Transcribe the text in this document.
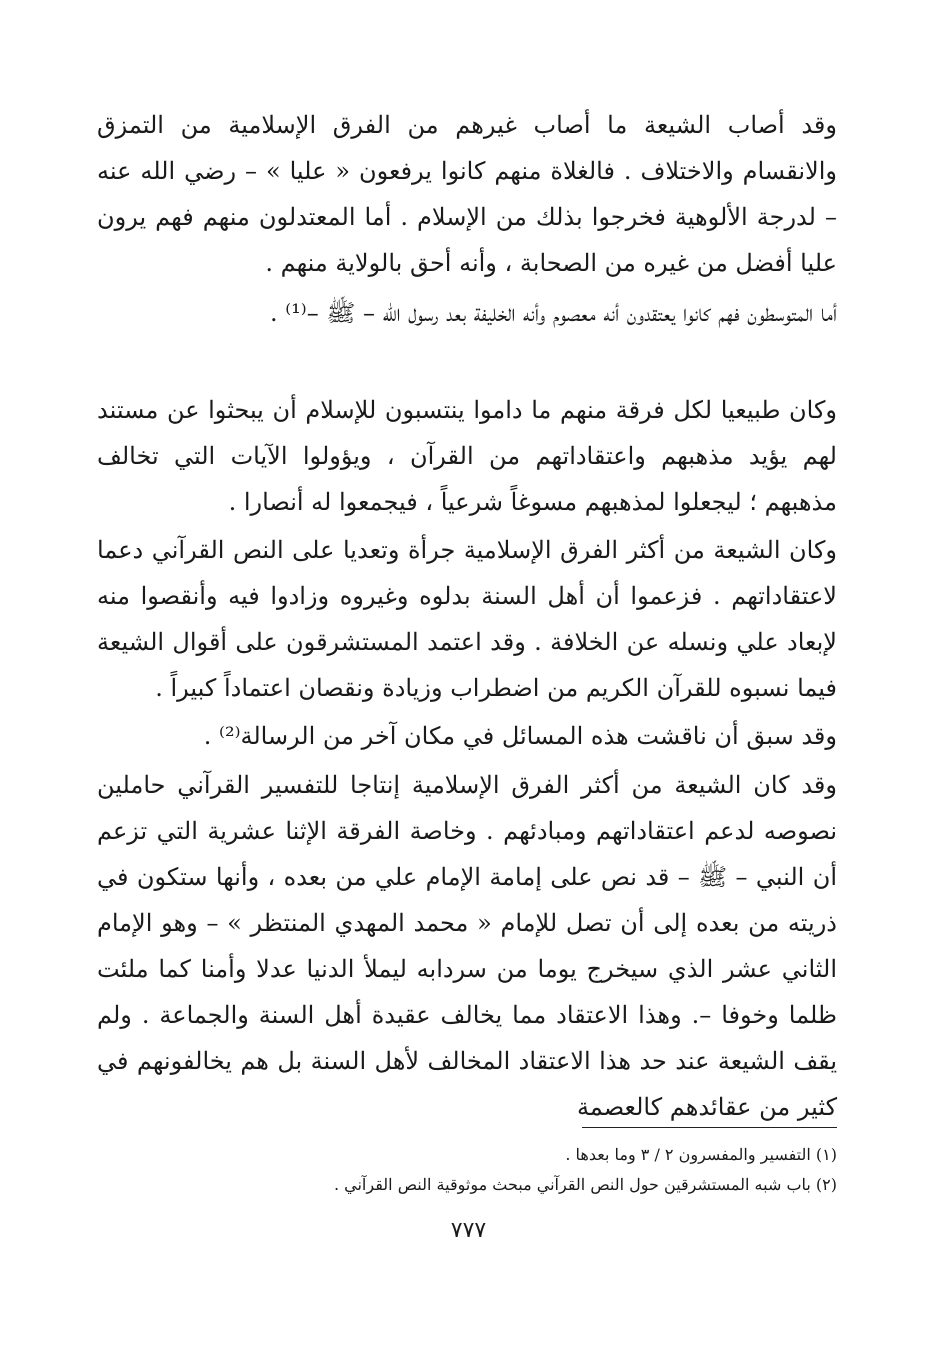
وقد أصاب الشيعة ما أصاب غيرهم من الفرق الإسلامية من التمزق والانقسام والاختلاف . فالغلاة منهم كانوا يرفعون « عليا » – رضي الله عنه – لدرجة الألوهية فخرجوا بذلك من الإسلام . أما المعتدلون منهم فهم يرون عليا أفضل من غيره من الصحابة ، وأنه أحق بالولاية منهم .

أما المتوسطون فهم كانوا يعتقدون أنه معصوم وأنه الخليفة بعد رسول الله – ﷺ –⁽¹⁾ .

وكان طبيعيا لكل فرقة منهم ما داموا ينتسبون للإسلام أن يبحثوا عن مستند لهم يؤيد مذهبهم واعتقاداتهم من القرآن ، ويؤولوا الآيات التي تخالف مذهبهم ؛ ليجعلوا لمذهبهم مسوغاً شرعياً ، فيجمعوا له أنصارا .

وكان الشيعة من أكثر الفرق الإسلامية جرأة وتعديا على النص القرآني دعما لاعتقاداتهم . فزعموا أن أهل السنة بدلوه وغيروه وزادوا فيه وأنقصوا منه لإبعاد علي ونسله عن الخلافة . وقد اعتمد المستشرقون على أقوال الشيعة فيما نسبوه للقرآن الكريم من اضطراب وزيادة ونقصان اعتماداً كبيراً .

وقد سبق أن ناقشت هذه المسائل في مكان آخر من الرسالة⁽²⁾ .

وقد كان الشيعة من أكثر الفرق الإسلامية إنتاجا للتفسير القرآني حاملين نصوصه لدعم اعتقاداتهم ومبادئهم . وخاصة الفرقة الإثنا عشرية التي تزعم أن النبي – ﷺ – قد نص على إمامة الإمام علي من بعده ، وأنها ستكون في ذريته من بعده إلى أن تصل للإمام « محمد المهدي المنتظر » – وهو الإمام الثاني عشر الذي سيخرج يوما من سردابه ليملأ الدنيا عدلا وأمنا كما ملئت ظلما وخوفا –. وهذا الاعتقاد مما يخالف عقيدة أهل السنة والجماعة . ولم يقف الشيعة عند حد هذا الاعتقاد المخالف لأهل السنة بل هم يخالفونهم في كثير من عقائدهم كالعصمة

(١) التفسير والمفسرون ٢ / ٣ وما بعدها .
(٢) باب شبه المستشرقين حول النص القرآني مبحث موثوقية النص القرآني .
٧٧٧
